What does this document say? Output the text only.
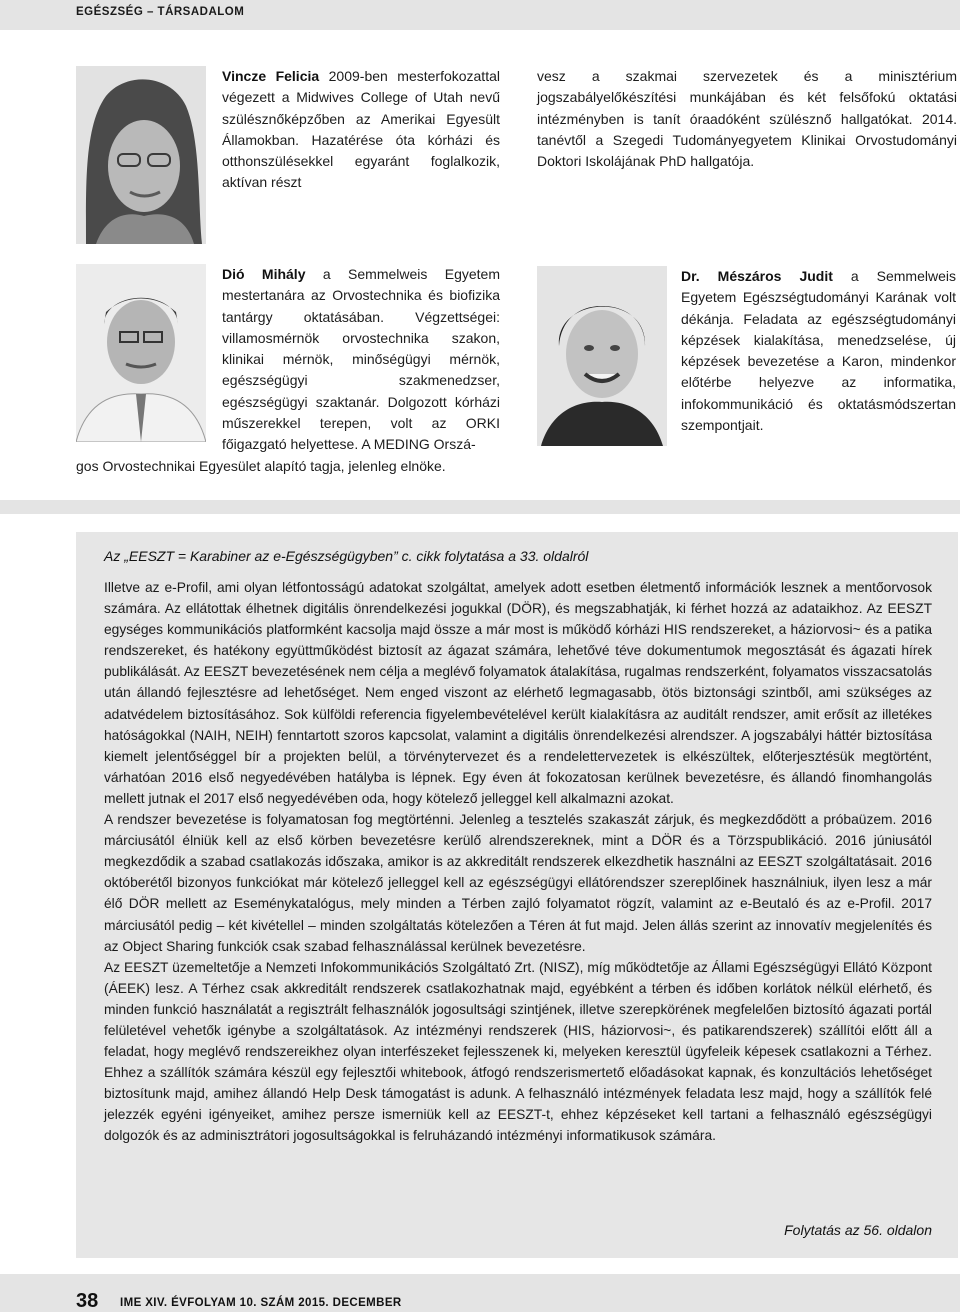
EGÉSZSÉG – TÁRSADALOM
Vincze Felicia 2009-ben mesterfokozattal végezett a Midwives College of Utah nevű szülésznőképzőben az Amerikai Egyesült Államokban. Hazatérése óta kórházi és otthonszülésekkel egyaránt foglalkozik, aktívan részt
vesz a szakmai szervezetek és a minisztérium jogszabályelőkészítési munkájában és két felsőfokú oktatási intézményben is tanít óraadóként szülésznő hallgatókat. 2014. tanévtől a Szegedi Tudományegyetem Klinikai Orvostudományi Doktori Iskolájának PhD hallgatója.
Dió Mihály a Semmelweis Egyetem mestertanára az Orvostechnika és biofizika tantárgy oktatásában. Végzettségei: villamosmérnök orvostechnika szakon, klinikai mérnök, minőségügyi mérnök, egészségügyi szakmenedzser, egészségügyi szaktanár. Dolgozott kórházi műszerekkel terepen, volt az ORKI főigazgató helyettese. A MEDING Orszá-
gos Orvostechnikai Egyesület alapító tagja, jelenleg elnöke.
Dr. Mészáros Judit a Semmelweis Egyetem Egészségtudományi Karának volt dékánja. Feladata az egészségtudományi képzések kialakítása, menedzselése, új képzések bevezetése a Karon, mindenkor előtérbe helyezve az informatika, infokommunikáció és oktatásmódszertan szempontjait.
Az „EESZT = Karabiner az e-Egészségügyben” c. cikk folytatása a 33. oldalról

Illetve az e-Profil, ami olyan létfontosságú adatokat szolgáltat, amelyek adott esetben életmentő információk lesznek a mentőorvosok számára. Az ellátottak élhetnek digitális önrendelkezési jogukkal (DÖR), és megszabhatják, ki férhet hozzá az adataikhoz. Az EESZT egységes kommunikációs platformként kacsolja majd össze a már most is működő kórházi HIS rendszereket, a háziorvosi~ és a patika rendszereket, és hatékony együttműködést biztosít az ágazat számára, lehetővé téve dokumentumok megosztását és ágazati hírek publikálását. Az EESZT bevezetésének nem célja a meglévő folyamatok átalakítása, rugalmas rendszerként, folyamatos visszacsatolás után állandó fejlesztésre ad lehetőséget. Nem enged viszont az elérhető legmagasabb, ötös biztonsági szintből, ami szükséges az adatvédelem biztosításához. Sok külföldi referencia figyelembevételével került kialakításra az auditált rendszer, amit erősít az illetékes hatóságokkal (NAIH, NEIH) fenntartott szoros kapcsolat, valamint a digitális önrendelkezési alrendszer. A jogszabályi háttér biztosítása kiemelt jelentőséggel bír a projekten belül, a törvénytervezet és a rendelettervezetek is elkészültek, előterjesztésük megtörtént, várhatóan 2016 első negyedévében hatályba is lépnek. Egy éven át fokozatosan kerülnek bevezetésre, és állandó finomhangolás mellett jutnak el 2017 első negyedévében oda, hogy kötelező jelleggel kell alkalmazni azokat.

A rendszer bevezetése is folyamatosan fog megtörténni. Jelenleg a tesztelés szakaszát zárjuk, és megkezdődött a próbaüzem. 2016 márciusától élniük kell az első körben bevezetésre kerülő alrendszereknek, mint a DÖR és a Törzspublikáció. 2016 júniusától megkezdődik a szabad csatlakozás időszaka, amikor is az akkreditált rendszerek elkezdhetik használni az EESZT szolgáltatásait. 2016 októberétől bizonyos funkciókat már kötelező jelleggel kell az egészségügyi ellátórendszer szereplőinek használniuk, ilyen lesz a már élő DÖR mellett az Eseménykatalógus, mely minden a Térben zajló folyamatot rögzít, valamint az e-Beutaló és az e-Profil. 2017 márciusától pedig – két kivétellel – minden szolgáltatás kötelezően a Téren át fut majd. Jelen állás szerint az innovatív megjelenítés és az Object Sharing funkciók csak szabad felhasználással kerülnek bevezetésre.

Az EESZT üzemeltetője a Nemzeti Infokommunikációs Szolgáltató Zrt. (NISZ), míg működtetője az Állami Egészségügyi Ellátó Központ (ÁEEK) lesz. A Térhez csak akkreditált rendszerek csatlakozhatnak majd, egyébként a térben és időben korlátok nélkül elérhető, és minden funkció használatát a regisztrált felhasználók jogosultsági szintjének, illetve szerepkörének megfelelően biztosító ágazati portál felületével vehetők igénybe a szolgáltatások. Az intézményi rendszerek (HIS, háziorvosi~, és patikarendszerek) szállítói előtt áll a feladat, hogy meglévő rendszereikhez olyan interfészeket fejlesszenek ki, melyeken keresztül ügyfeleik képesek csatlakozni a Térhez. Ehhez a szállítók számára készül egy fejlesztői whitebook, átfogó rendszerismertető előadásokat kapnak, és konzultációs lehetőséget biztosítunk majd, amihez állandó Help Desk támogatást is adunk. A felhasználó intézmények feladata lesz majd, hogy a szállítók felé jelezzék egyéni igényeiket, amihez persze ismerniük kell az EESZT-t, ehhez képzéseket kell tartani a felhasználó egészségügyi dolgozók és az adminisztrátori jogosultságokkal is felruházandó intézményi informatikusok számára.

Folytatás az 56. oldalon
38 IME XIV. ÉVFOLYAM 10. SZÁM 2015. DECEMBER
